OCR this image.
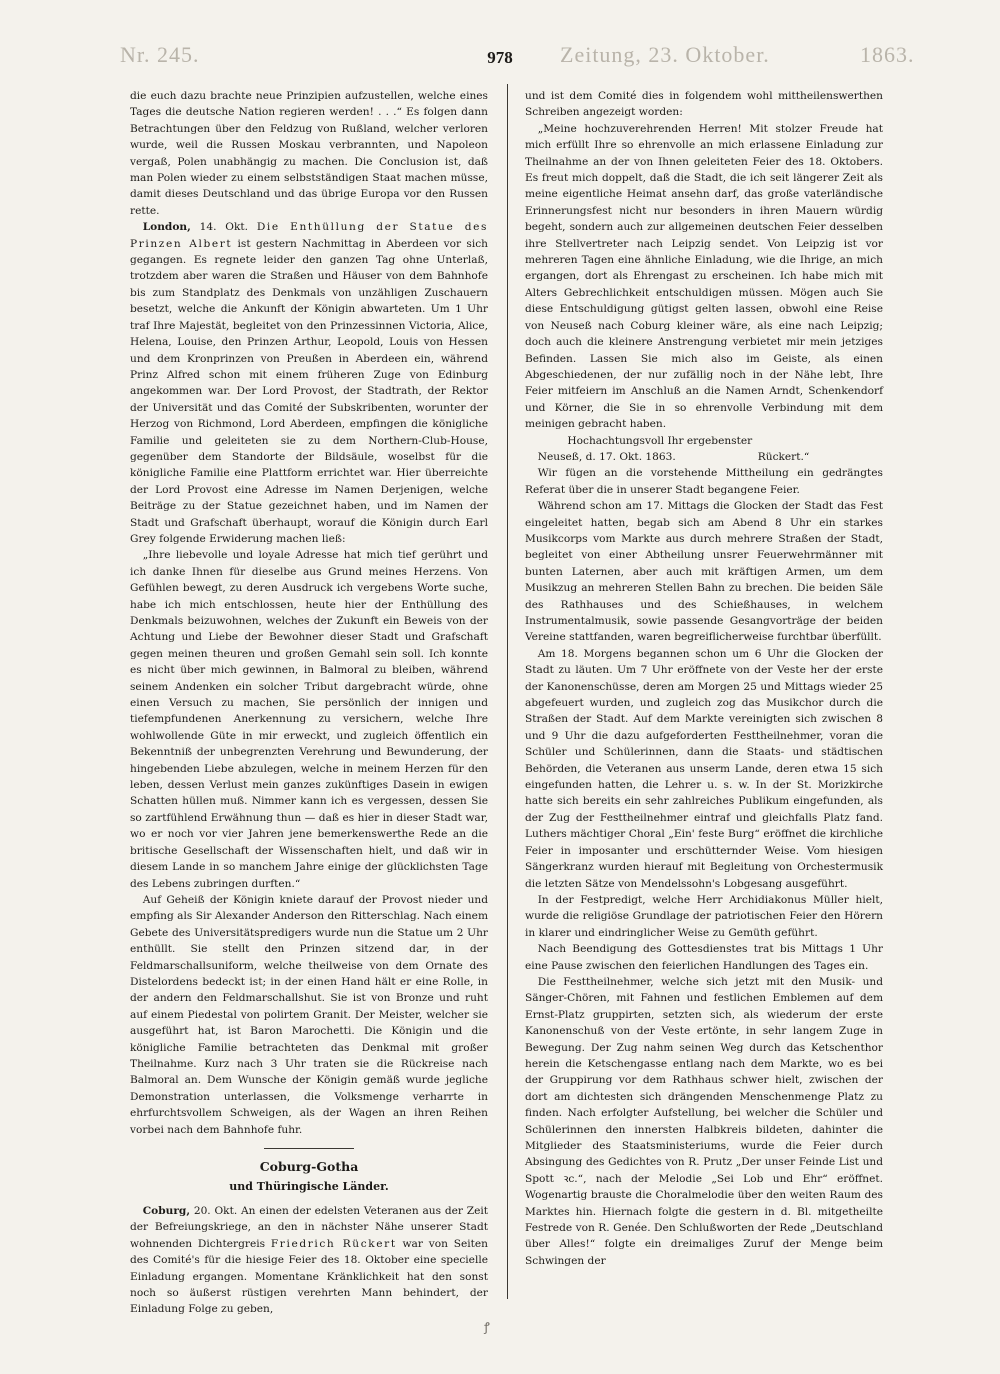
Nr. 245.	Zeitung, 23. Oktober.	1863.
978

die euch dazu brachte neue Prinzipien aufzustellen, welche eines Tages die deutsche Nation regieren werden! . . .“ Es folgen dann Betrachtungen über den Feldzug von Rußland, welcher verloren wurde, weil die Russen Moskau verbrannten, und Napoleon vergaß, Polen unabhängig zu machen. Die Conclusion ist, daß man Polen wieder zu einem selbstständigen Staat machen müsse, damit dieses Deutschland und das übrige Europa vor den Russen rette.

London, 14. Okt. Die Enthüllung der Statue des Prinzen Albert ist gestern Nachmittag in Aberdeen vor sich gegangen. Es regnete leider den ganzen Tag ohne Unterlaß, trotzdem aber waren die Straßen und Häuser von dem Bahnhofe bis zum Standplatz des Denkmals von unzähligen Zuschauern besetzt, welche die Ankunft der Königin abwarteten. Um 1 Uhr traf Ihre Majestät, begleitet von den Prinzessinnen Victoria, Alice, Helena, Louise, den Prinzen Arthur, Leopold, Louis von Hessen und dem Kronprinzen von Preußen in Aberdeen ein, während Prinz Alfred schon mit einem früheren Zuge von Edinburg angekommen war. Der Lord Provost, der Stadtrath, der Rektor der Universität und das Comité der Subskribenten, worunter der Herzog von Richmond, Lord Aberdeen, empfingen die königliche Familie und geleiteten sie zu dem Northern-Club-House, gegenüber dem Standorte der Bildsäule, woselbst für die königliche Familie eine Plattform errichtet war. Hier überreichte der Lord Provost eine Adresse im Namen Derjenigen, welche Beiträge zu der Statue gezeichnet haben, und im Namen der Stadt und Grafschaft überhaupt, worauf die Königin durch Earl Grey folgende Erwiderung machen ließ:

„Ihre liebevolle und loyale Adresse hat mich tief gerührt und ich danke Ihnen für dieselbe aus Grund meines Herzens. Von Gefühlen bewegt, zu deren Ausdruck ich vergebens Worte suche, habe ich mich entschlossen, heute hier der Enthüllung des Denkmals beizuwohnen, welches der Zukunft ein Beweis von der Achtung und Liebe der Bewohner dieser Stadt und Grafschaft gegen meinen theuren und großen Gemahl sein soll. Ich konnte es nicht über mich gewinnen, in Balmoral zu bleiben, während seinem Andenken ein solcher Tribut dargebracht würde, ohne einen Versuch zu machen, Sie persönlich der innigen und tiefempfundenen Anerkennung zu versichern, welche Ihre wohlwollende Güte in mir erweckt, und zugleich öffentlich ein Bekenntniß der unbegrenzten Verehrung und Bewunderung, der hingebenden Liebe abzulegen, welche in meinem Herzen für den leben, dessen Verlust mein ganzes zukünftiges Dasein in ewigen Schatten hüllen muß. Nimmer kann ich es vergessen, dessen Sie so zartfühlend Erwähnung thun — daß es hier in dieser Stadt war, wo er noch vor vier Jahren jene bemerkenswerthe Rede an die britische Gesellschaft der Wissenschaften hielt, und daß wir in diesem Lande in so manchem Jahre einige der glücklichsten Tage des Lebens zubringen durften.“

Auf Geheiß der Königin kniete darauf der Provost nieder und empfing als Sir Alexander Anderson den Ritterschlag. Nach einem Gebete des Universitätspredigers wurde nun die Statue um 2 Uhr enthüllt. Sie stellt den Prinzen sitzend dar, in der Feldmarschallsuniform, welche theilweise von dem Ornate des Distelordens bedeckt ist; in der einen Hand hält er eine Rolle, in der andern den Feldmarschallshut. Sie ist von Bronze und ruht auf einem Piedestal von polirtem Granit. Der Meister, welcher sie ausgeführt hat, ist Baron Marochetti. Die Königin und die königliche Familie betrachteten das Denkmal mit großer Theilnahme. Kurz nach 3 Uhr traten sie die Rückreise nach Balmoral an. Dem Wunsche der Königin gemäß wurde jegliche Demonstration unterlassen, die Volksmenge verharrte in ehrfurchtsvollem Schweigen, als der Wagen an ihren Reihen vorbei nach dem Bahnhofe fuhr.

Coburg-Gotha
und Thüringische Länder.

Coburg, 20. Okt. An einen der edelsten Veteranen aus der Zeit der Befreiungskriege, an den in nächster Nähe unserer Stadt wohnenden Dichtergreis Friedrich Rückert war von Seiten des Comité's für die hiesige Feier des 18. Oktober eine specielle Einladung ergangen. Momentane Kränklichkeit hat den sonst noch so äußerst rüstigen verehrten Mann behindert, der Einladung Folge zu geben,

und ist dem Comité dies in folgendem wohl mittheilenswerthen Schreiben angezeigt worden:

„Meine hochzuverehrenden Herren! Mit stolzer Freude hat mich erfüllt Ihre so ehrenvolle an mich erlassene Einladung zur Theilnahme an der von Ihnen geleiteten Feier des 18. Oktobers. Es freut mich doppelt, daß die Stadt, die ich seit längerer Zeit als meine eigentliche Heimat ansehn darf, das große vaterländische Erinnerungsfest nicht nur besonders in ihren Mauern würdig begeht, sondern auch zur allgemeinen deutschen Feier desselben ihre Stellvertreter nach Leipzig sendet. Von Leipzig ist vor mehreren Tagen eine ähnliche Einladung, wie die Ihrige, an mich ergangen, dort als Ehrengast zu erscheinen. Ich habe mich mit Alters Gebrechlichkeit entschuldigen müssen. Mögen auch Sie diese Entschuldigung gütigst gelten lassen, obwohl eine Reise von Neuseß nach Coburg kleiner wäre, als eine nach Leipzig; doch auch die kleinere Anstrengung verbietet mir mein jetziges Befinden. Lassen Sie mich also im Geiste, als einen Abgeschiedenen, der nur zufällig noch in der Nähe lebt, Ihre Feier mitfeiern im Anschluß an die Namen Arndt, Schenkendorf und Körner, die Sie in so ehrenvolle Verbindung mit dem meinigen gebracht haben.

Hochachtungsvoll Ihr ergebenster

Neuseß, d. 17. Okt. 1863.	Rückert.“

Wir fügen an die vorstehende Mittheilung ein gedrängtes Referat über die in unserer Stadt begangene Feier.

Während schon am 17. Mittags die Glocken der Stadt das Fest eingeleitet hatten, begab sich am Abend 8 Uhr ein starkes Musikcorps vom Markte aus durch mehrere Straßen der Stadt, begleitet von einer Abtheilung unsrer Feuerwehrmänner mit bunten Laternen, aber auch mit kräftigen Armen, um dem Musikzug an mehreren Stellen Bahn zu brechen. Die beiden Säle des Rathhauses und des Schießhauses, in welchem Instrumentalmusik, sowie passende Gesangvorträge der beiden Vereine stattfanden, waren begreiflicherweise furchtbar überfüllt.

Am 18. Morgens begannen schon um 6 Uhr die Glocken der Stadt zu läuten. Um 7 Uhr eröffnete von der Veste her der erste der Kanonenschüsse, deren am Morgen 25 und Mittags wieder 25 abgefeuert wurden, und zugleich zog das Musikchor durch die Straßen der Stadt. Auf dem Markte vereinigten sich zwischen 8 und 9 Uhr die dazu aufgeforderten Festtheilnehmer, voran die Schüler und Schülerinnen, dann die Staats- und städtischen Behörden, die Veteranen aus unserm Lande, deren etwa 15 sich eingefunden hatten, die Lehrer u. s. w. In der St. Morizkirche hatte sich bereits ein sehr zahlreiches Publikum eingefunden, als der Zug der Festtheilnehmer eintraf und gleichfalls Platz fand. Luthers mächtiger Choral „Ein' feste Burg“ eröffnet die kirchliche Feier in imposanter und erschütternder Weise. Vom hiesigen Sängerkranz wurden hierauf mit Begleitung von Orchestermusik die letzten Sätze von Mendelssohn's Lobgesang ausgeführt.

In der Festpredigt, welche Herr Archidiakonus Müller hielt, wurde die religiöse Grundlage der patriotischen Feier den Hörern in klarer und eindringlicher Weise zu Gemüth geführt.

Nach Beendigung des Gottesdienstes trat bis Mittags 1 Uhr eine Pause zwischen den feierlichen Handlungen des Tages ein.

Die Festtheilnehmer, welche sich jetzt mit den Musik- und Sänger-Chören, mit Fahnen und festlichen Emblemen auf dem Ernst-Platz gruppirten, setzten sich, als wiederum der erste Kanonenschuß von der Veste ertönte, in sehr langem Zuge in Bewegung. Der Zug nahm seinen Weg durch das Ketschenthor herein die Ketschengasse entlang nach dem Markte, wo es bei der Gruppirung vor dem Rathhaus schwer hielt, zwischen der dort am dichtesten sich drängenden Menschenmenge Platz zu finden. Nach erfolgter Aufstellung, bei welcher die Schüler und Schülerinnen den innersten Halbkreis bildeten, dahinter die Mitglieder des Staatsministeriums, wurde die Feier durch Absingung des Gedichtes von R. Prutz „Der unser Feinde List und Spott ꝛc.“, nach der Melodie „Sei Lob und Ehr“ eröffnet. Wogenartig brauste die Choralmelodie über den weiten Raum des Marktes hin. Hiernach folgte die gestern in d. Bl. mitgetheilte Festrede von R. Genée. Den Schlußworten der Rede „Deutschland über Alles!“ folgte ein dreimaliges Zuruf der Menge beim Schwingen der

ꝭ
